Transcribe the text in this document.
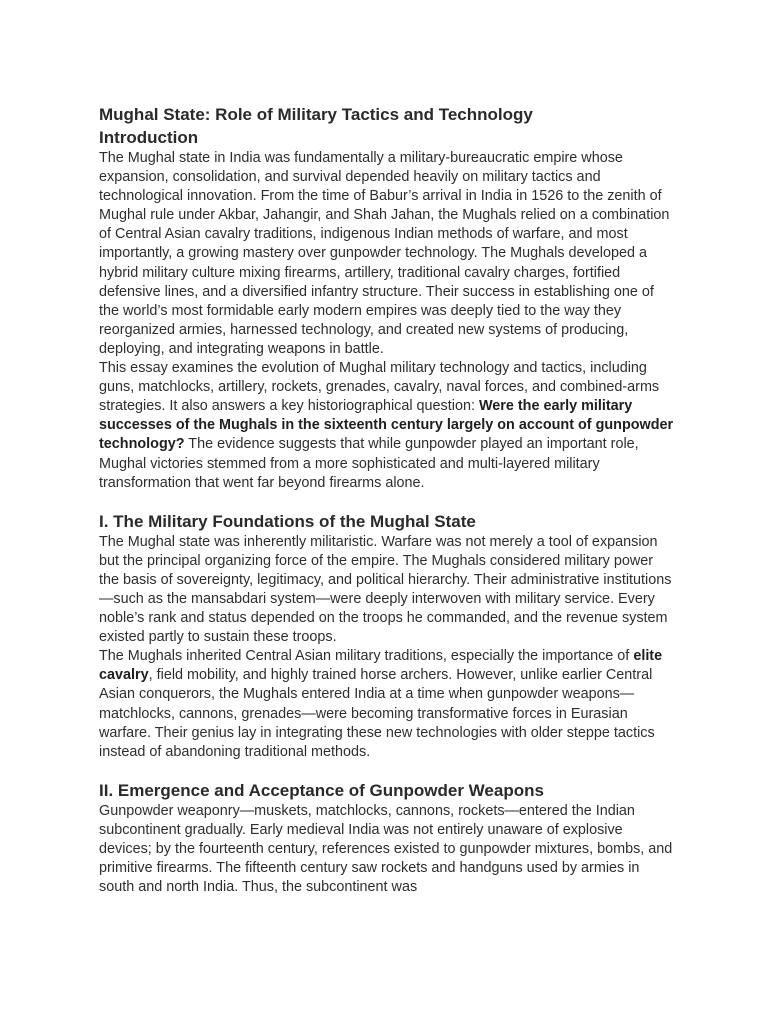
Mughal State: Role of Military Tactics and Technology
Introduction

The Mughal state in India was fundamentally a military-bureaucratic empire whose expansion, consolidation, and survival depended heavily on military tactics and technological innovation. From the time of Babur’s arrival in India in 1526 to the zenith of Mughal rule under Akbar, Jahangir, and Shah Jahan, the Mughals relied on a combination of Central Asian cavalry traditions, indigenous Indian methods of warfare, and most importantly, a growing mastery over gunpowder technology. The Mughals developed a hybrid military culture mixing firearms, artillery, traditional cavalry charges, fortified defensive lines, and a diversified infantry structure. Their success in establishing one of the world’s most formidable early modern empires was deeply tied to the way they reorganized armies, harnessed technology, and created new systems of producing, deploying, and integrating weapons in battle.

This essay examines the evolution of Mughal military technology and tactics, including guns, matchlocks, artillery, rockets, grenades, cavalry, naval forces, and combined-arms strategies. It also answers a key historiographical question: Were the early military successes of the Mughals in the sixteenth century largely on account of gunpowder technology? The evidence suggests that while gunpowder played an important role, Mughal victories stemmed from a more sophisticated and multi-layered military transformation that went far beyond firearms alone.

I. The Military Foundations of the Mughal State

The Mughal state was inherently militaristic. Warfare was not merely a tool of expansion but the principal organizing force of the empire. The Mughals considered military power the basis of sovereignty, legitimacy, and political hierarchy. Their administrative institutions—such as the mansabdari system—were deeply interwoven with military service. Every noble’s rank and status depended on the troops he commanded, and the revenue system existed partly to sustain these troops.

The Mughals inherited Central Asian military traditions, especially the importance of elite cavalry, field mobility, and highly trained horse archers. However, unlike earlier Central Asian conquerors, the Mughals entered India at a time when gunpowder weapons—matchlocks, cannons, grenades—were becoming transformative forces in Eurasian warfare. Their genius lay in integrating these new technologies with older steppe tactics instead of abandoning traditional methods.

II. Emergence and Acceptance of Gunpowder Weapons

Gunpowder weaponry—muskets, matchlocks, cannons, rockets—entered the Indian subcontinent gradually. Early medieval India was not entirely unaware of explosive devices; by the fourteenth century, references existed to gunpowder mixtures, bombs, and primitive firearms. The fifteenth century saw rockets and handguns used by armies in south and north India. Thus, the subcontinent was
